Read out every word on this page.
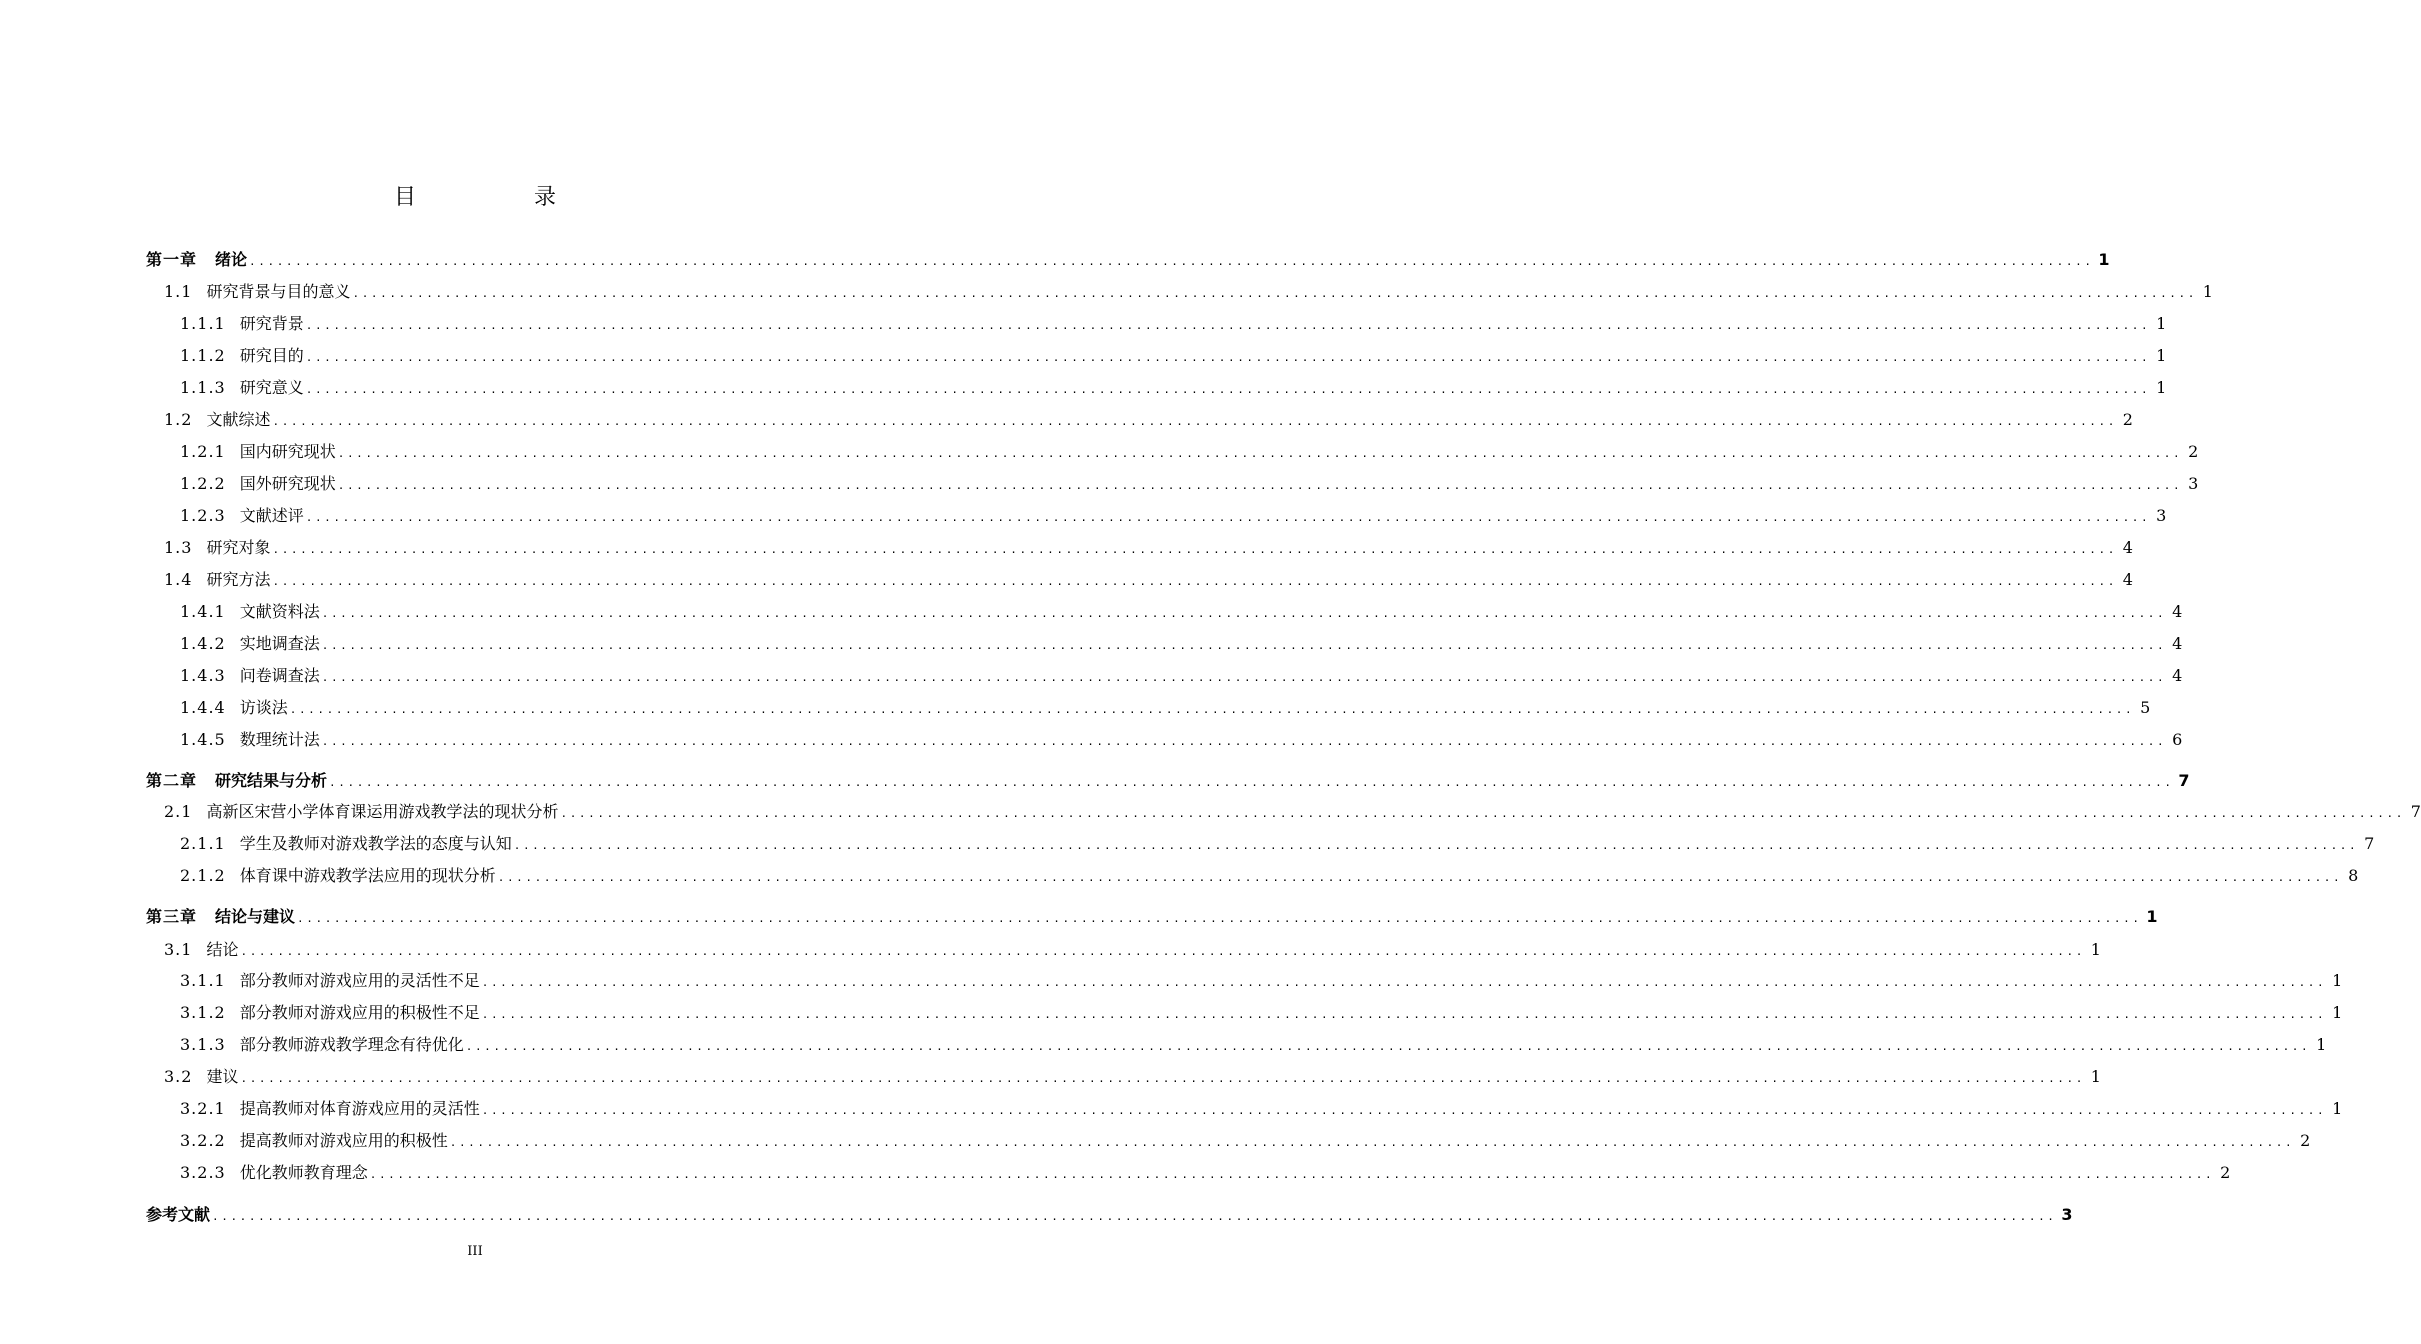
目　录
第一章 绪论 ........................................................................................................................................................................................................ 1
1.1 研究背景与目的意义 ........................................................................................................................................................................................................ 1
1.1.1 研究背景 ........................................................................................................................................................................................................ 1
1.1.2 研究目的 ........................................................................................................................................................................................................ 1
1.1.3 研究意义 ........................................................................................................................................................................................................ 1
1.2 文献综述 ........................................................................................................................................................................................................ 2
1.2.1 国内研究现状 ........................................................................................................................................................................................................ 2
1.2.2 国外研究现状 ........................................................................................................................................................................................................ 3
1.2.3 文献述评 ........................................................................................................................................................................................................ 3
1.3 研究对象 ........................................................................................................................................................................................................ 4
1.4 研究方法 ........................................................................................................................................................................................................ 4
1.4.1 文献资料法 ........................................................................................................................................................................................................ 4
1.4.2 实地调查法 ........................................................................................................................................................................................................ 4
1.4.3 问卷调查法 ........................................................................................................................................................................................................ 4
1.4.4 访谈法 ........................................................................................................................................................................................................ 5
1.4.5 数理统计法 ........................................................................................................................................................................................................ 6
第二章 研究结果与分析 ........................................................................................................................................................................................................ 7
2.1 高新区宋营小学体育课运用游戏教学法的现状分析 ........................................................................................................................................................................................................ 7
2.1.1 学生及教师对游戏教学法的态度与认知 ........................................................................................................................................................................................................ 7
2.1.2 体育课中游戏教学法应用的现状分析 ........................................................................................................................................................................................................ 8
第三章 结论与建议 ........................................................................................................................................................................................................ 1
3.1 结论 ........................................................................................................................................................................................................ 1
3.1.1 部分教师对游戏应用的灵活性不足 ........................................................................................................................................................................................................ 1
3.1.2 部分教师对游戏应用的积极性不足 ........................................................................................................................................................................................................ 1
3.1.3 部分教师游戏教学理念有待优化 ........................................................................................................................................................................................................ 1
3.2 建议 ........................................................................................................................................................................................................ 1
3.2.1 提高教师对体育游戏应用的灵活性 ........................................................................................................................................................................................................ 1
3.2.2 提高教师对游戏应用的积极性 ........................................................................................................................................................................................................ 2
3.2.3 优化教师教育理念 ........................................................................................................................................................................................................ 2
参考文献 ........................................................................................................................................................................................................ 3
III
